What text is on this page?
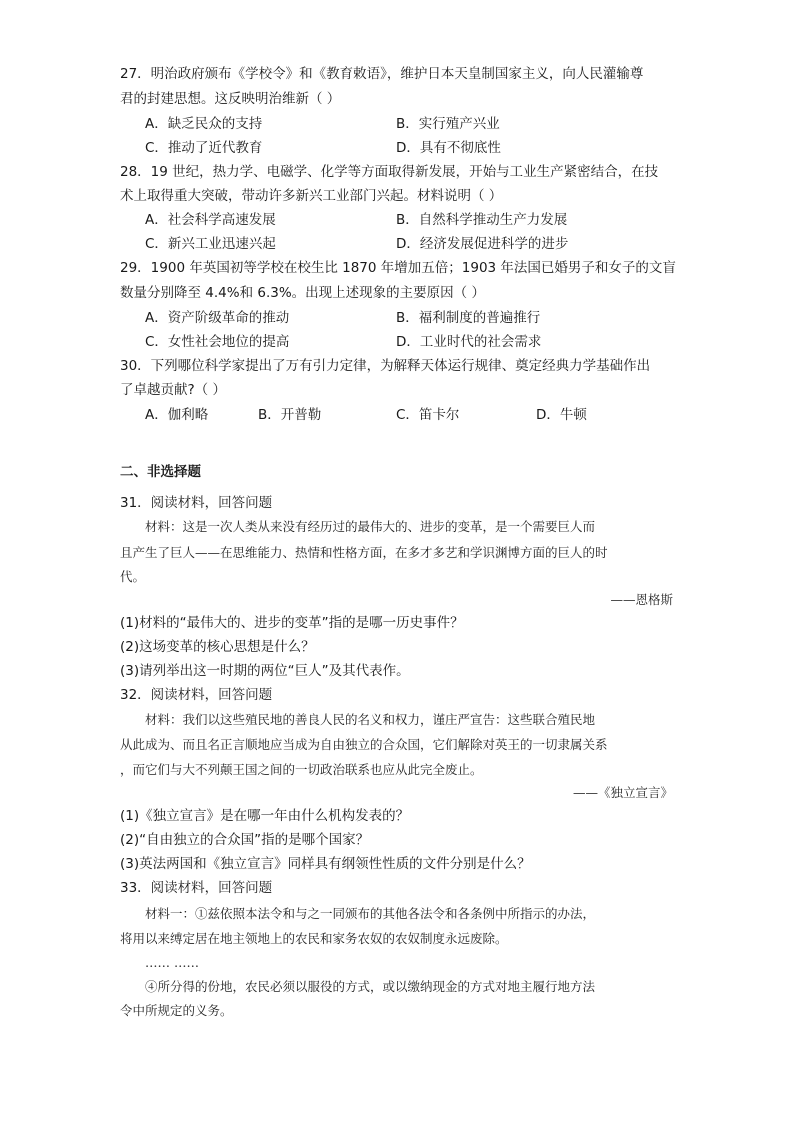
27．明治政府颁布《学校令》和《教育敕语》，维护日本天皇制国家主义，向人民灌输尊
君的封建思想。这反映明治维新（ ）
A．缺乏民众的支持	B．实行殖产兴业
C．推动了近代教育	D．具有不彻底性
28．19 世纪，热力学、电磁学、化学等方面取得新发展，开始与工业生产紧密结合，在技
术上取得重大突破，带动许多新兴工业部门兴起。材料说明（ ）
A．社会科学高速发展	B．自然科学推动生产力发展
C．新兴工业迅速兴起	D．经济发展促进科学的进步
29．1900 年英国初等学校在校生比 1870 年增加五倍；1903 年法国已婚男子和女子的文盲
数量分别降至 4.4%和 6.3%。出现上述现象的主要原因（ ）
A．资产阶级革命的推动	B．福利制度的普遍推行
C．女性社会地位的提高	D．工业时代的社会需求
30．下列哪位科学家提出了万有引力定律，为解释天体运行规律、奠定经典力学基础作出
了卓越贡献?（ ）
A．伽利略	B．开普勒	C．笛卡尔	D．牛顿
二、非选择题
31．阅读材料，回答问题
材料：这是一次人类从来没有经历过的最伟大的、进步的变革，是一个需要巨人而
且产生了巨人——在思维能力、热情和性格方面，在多才多艺和学识渊博方面的巨人的时
代。
——恩格斯
(1)材料的“最伟大的、进步的变革”指的是哪一历史事件？
(2)这场变革的核心思想是什么？
(3)请列举出这一时期的两位“巨人”及其代表作。
32．阅读材料，回答问题
材料：我们以这些殖民地的善良人民的名义和权力，谨庄严宣告：这些联合殖民地
从此成为、而且名正言顺地应当成为自由独立的合众国，它们解除对英王的一切隶属关系
，而它们与大不列颠王国之间的一切政治联系也应从此完全废止。
——《独立宣言》
(1)《独立宣言》是在哪一年由什么机构发表的？
(2)“自由独立的合众国”指的是哪个国家？
(3)英法两国和《独立宣言》同样具有纲领性性质的文件分别是什么？
33．阅读材料，回答问题
材料一：①兹依照本法令和与之一同颁布的其他各法令和各条例中所指示的办法，
将用以来缚定居在地主领地上的农民和家务农奴的农奴制度永远废除。
…… ……
④所分得的份地，农民必须以服役的方式，或以缴纳现金的方式对地主履行地方法
令中所规定的义务。
